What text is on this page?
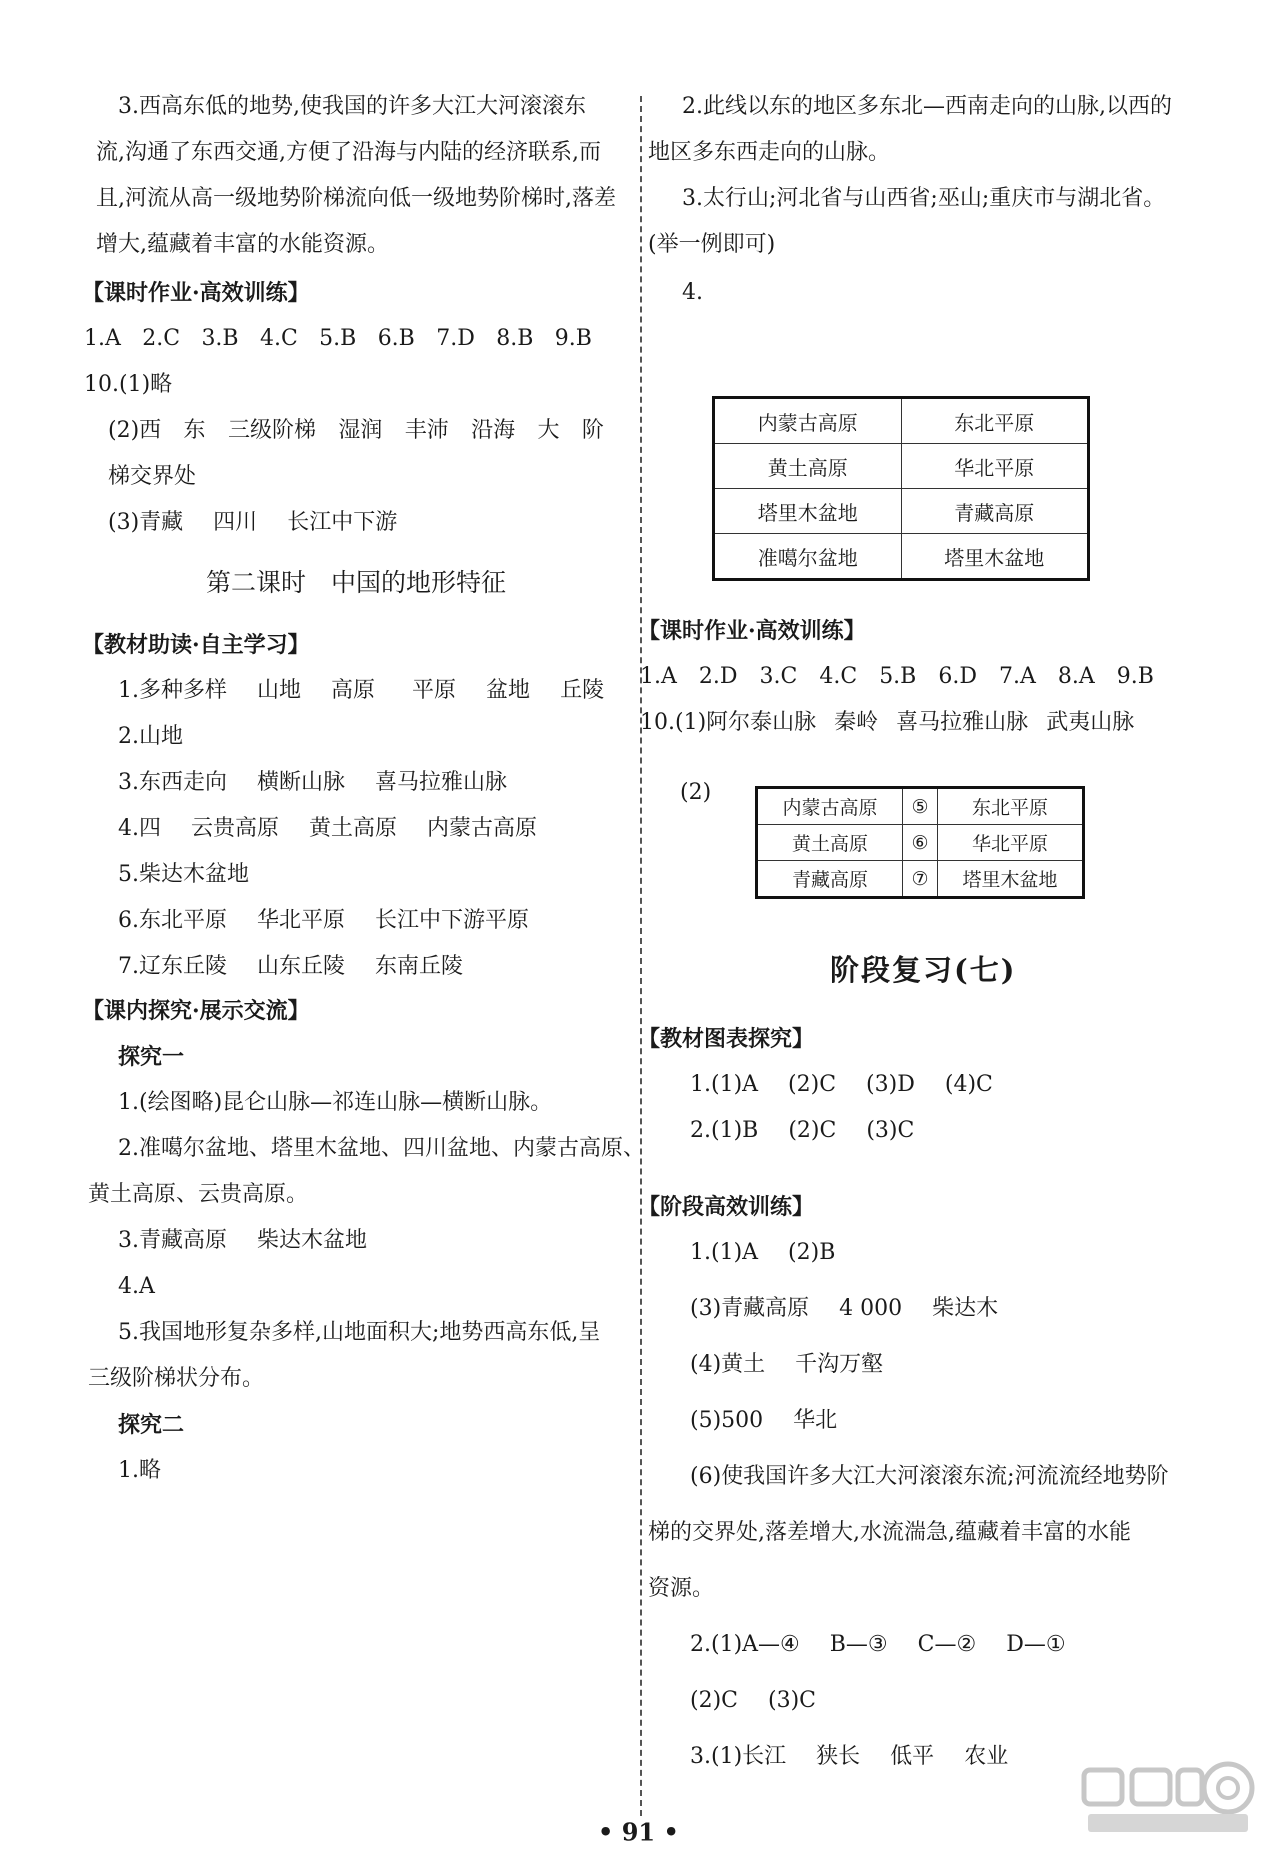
3.西高东低的地势,使我国的许多大江大河滚滚东

流,沟通了东西交通,方便了沿海与内陆的经济联系,而

且,河流从高一级地势阶梯流向低一级地势阶梯时,落差

增大,蕴藏着丰富的水能资源。

【课时作业·高效训练】

1.A 2.C 3.B 4.C 5.B 6.B 7.D 8.B 9.B

10.(1)略

(2)西 东 三级阶梯 湿润 丰沛 沿海 大 阶

梯交界处

(3)青藏 四川 长江中下游

第二课时　中国的地形特征

【教材助读·自主学习】

1.多种多样 山地 高原 平原 盆地 丘陵

2.山地

3.东西走向 横断山脉 喜马拉雅山脉

4.四 云贵高原 黄土高原 内蒙古高原

5.柴达木盆地

6.东北平原 华北平原 长江中下游平原

7.辽东丘陵 山东丘陵 东南丘陵

【课内探究·展示交流】

探究一

1.(绘图略)昆仑山脉—祁连山脉—横断山脉。

2.准噶尔盆地、塔里木盆地、四川盆地、内蒙古高原、

黄土高原、云贵高原。

3.青藏高原 柴达木盆地

4.A

5.我国地形复杂多样,山地面积大;地势西高东低,呈

三级阶梯状分布。

探究二

1.略

2.此线以东的地区多东北—西南走向的山脉,以西的

地区多东西走向的山脉。

3.太行山;河北省与山西省;巫山;重庆市与湖北省。

(举一例即可)

4.

内蒙古高原	东北平原
黄土高原	华北平原
塔里木盆地	青藏高原
准噶尔盆地	塔里木盆地

【课时作业·高效训练】

1.A 2.D 3.C 4.C 5.B 6.D 7.A 8.A 9.B

10.(1)阿尔泰山脉 秦岭 喜马拉雅山脉 武夷山脉

(2)

内蒙古高原	⑤	东北平原
黄土高原	⑥	华北平原
青藏高原	⑦	塔里木盆地

阶段复习(七)

【教材图表探究】

1.(1)A (2)C (3)D (4)C

2.(1)B (2)C (3)C

【阶段高效训练】

1.(1)A (2)B

(3)青藏高原 4 000 柴达木

(4)黄土 千沟万壑

(5)500 华北

(6)使我国许多大江大河滚滚东流;河流流经地势阶

梯的交界处,落差增大,水流湍急,蕴藏着丰富的水能

资源。

2.(1)A—④ B—③ C—② D—①

(2)C (3)C

3.(1)长江 狭长 低平 农业

• 91 •
